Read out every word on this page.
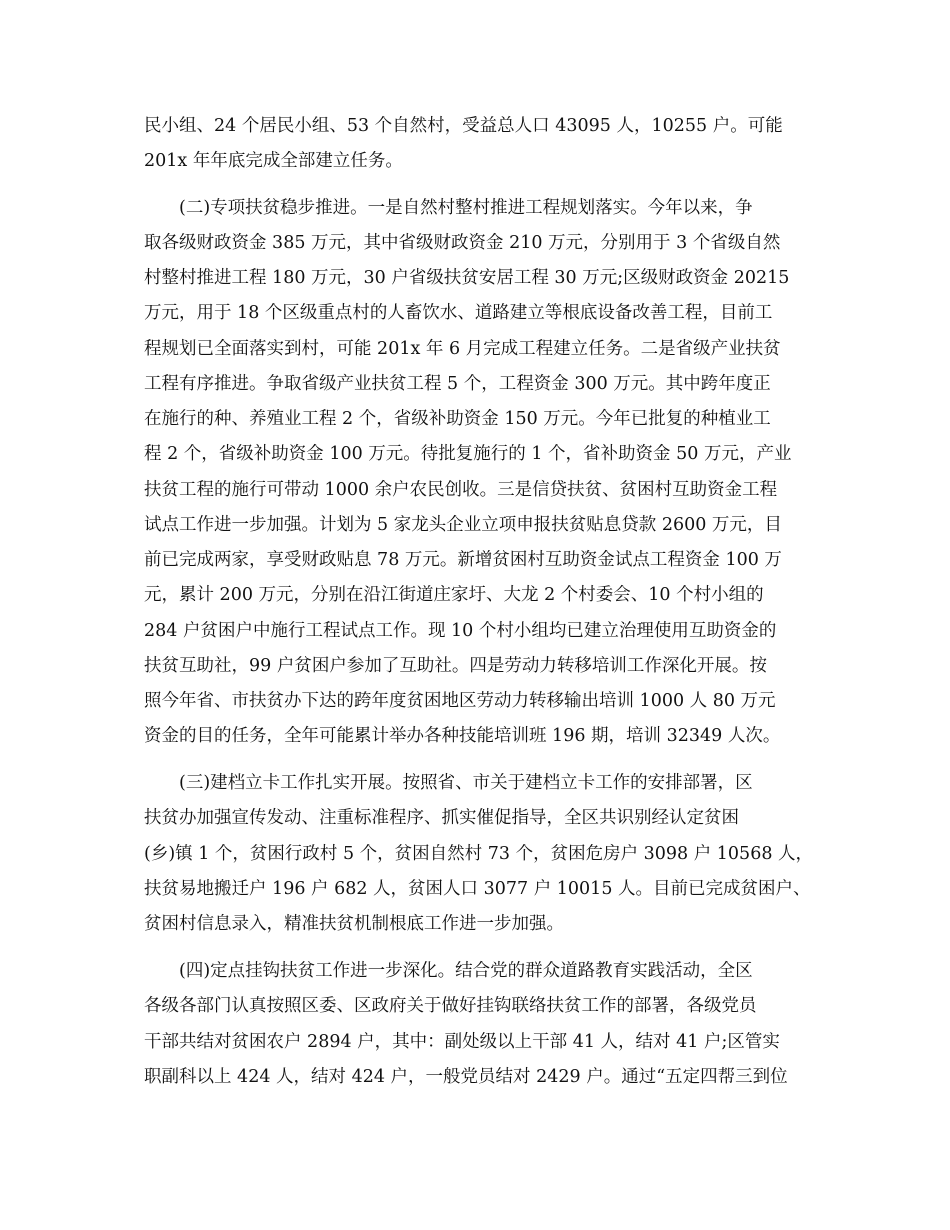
民小组、24 个居民小组、53 个自然村，受益总人口 43095 人，10255 户。可能
201x 年年底完成全部建立任务。
(二)专项扶贫稳步推进。一是自然村整村推进工程规划落实。今年以来，争
取各级财政资金 385 万元，其中省级财政资金 210 万元，分别用于 3 个省级自然
村整村推进工程 180 万元，30 户省级扶贫安居工程 30 万元;区级财政资金 20215
万元，用于 18 个区级重点村的人畜饮水、道路建立等根底设备改善工程，目前工
程规划已全面落实到村，可能 201x 年 6 月完成工程建立任务。二是省级产业扶贫
工程有序推进。争取省级产业扶贫工程 5 个，工程资金 300 万元。其中跨年度正
在施行的种、养殖业工程 2 个，省级补助资金 150 万元。今年已批复的种植业工
程 2 个，省级补助资金 100 万元。待批复施行的 1 个，省补助资金 50 万元，产业
扶贫工程的施行可带动 1000 余户农民创收。三是信贷扶贫、贫困村互助资金工程
试点工作进一步加强。计划为 5 家龙头企业立项申报扶贫贴息贷款 2600 万元，目
前已完成两家，享受财政贴息 78 万元。新增贫困村互助资金试点工程资金 100 万
元，累计 200 万元，分别在沿江街道庄家圩、大龙 2 个村委会、10 个村小组的
284 户贫困户中施行工程试点工作。现 10 个村小组均已建立治理使用互助资金的
扶贫互助社，99 户贫困户参加了互助社。四是劳动力转移培训工作深化开展。按
照今年省、市扶贫办下达的跨年度贫困地区劳动力转移输出培训 1000 人 80 万元
资金的目的任务，全年可能累计举办各种技能培训班 196 期，培训 32349 人次。
(三)建档立卡工作扎实开展。按照省、市关于建档立卡工作的安排部署，区
扶贫办加强宣传发动、注重标准程序、抓实催促指导，全区共识别经认定贫困
(乡)镇 1 个，贫困行政村 5 个，贫困自然村 73 个，贫困危房户 3098 户 10568 人，
扶贫易地搬迁户 196 户 682 人，贫困人口 3077 户 10015 人。目前已完成贫困户、
贫困村信息录入，精准扶贫机制根底工作进一步加强。
(四)定点挂钩扶贫工作进一步深化。结合党的群众道路教育实践活动，全区
各级各部门认真按照区委、区政府关于做好挂钩联络扶贫工作的部署，各级党员
干部共结对贫困农户 2894 户，其中：副处级以上干部 41 人，结对 41 户;区管实
职副科以上 424 人，结对 424 户，一般党员结对 2429 户。通过“五定四帮三到位
